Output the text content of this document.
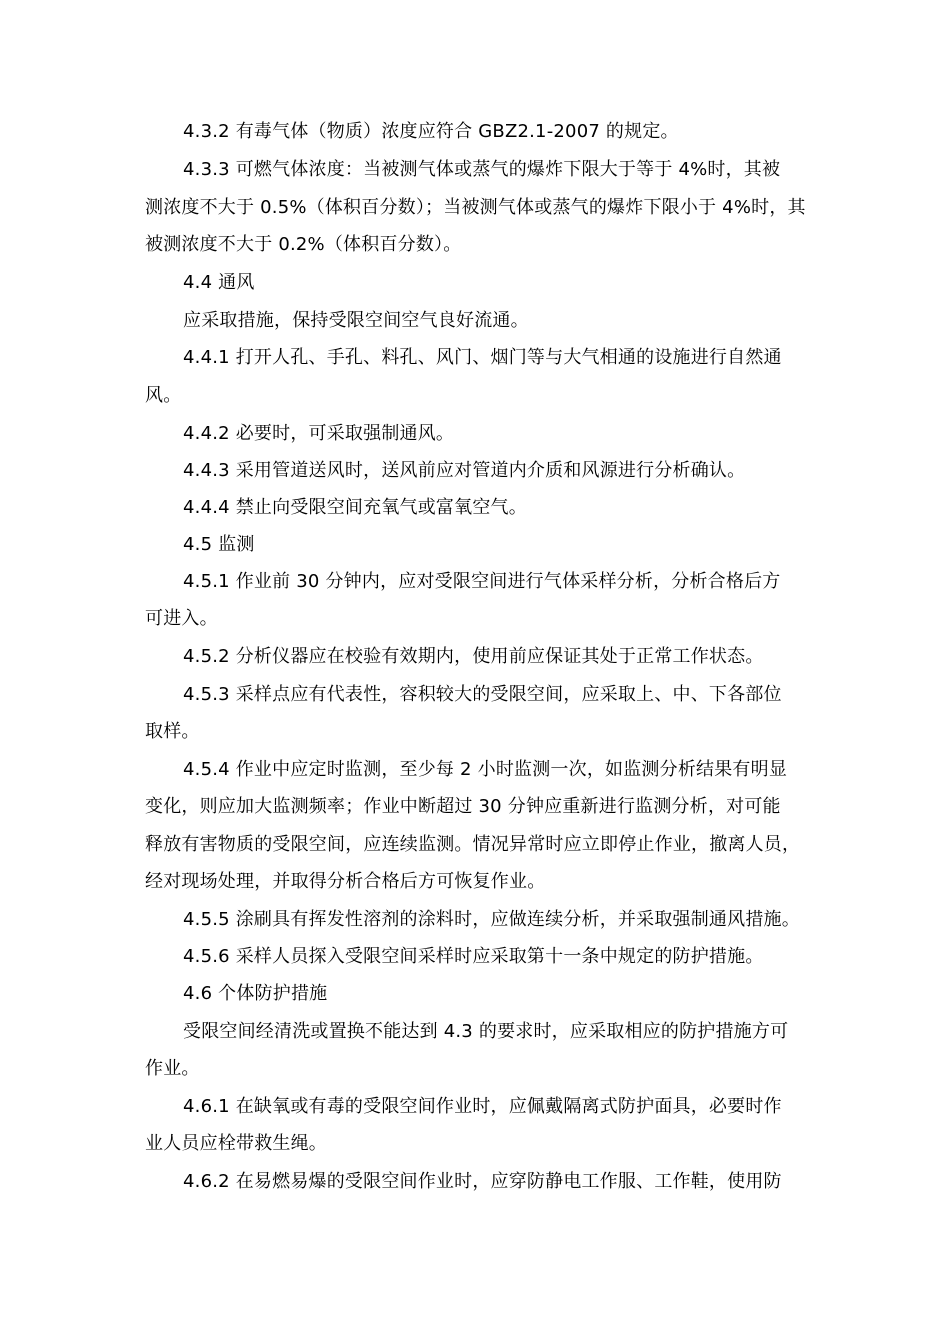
4.3.2 有毒气体（物质）浓度应符合 GBZ2.1-2007 的规定。
4.3.3 可燃气体浓度：当被测气体或蒸气的爆炸下限大于等于 4%时，其被
测浓度不大于 0.5%（体积百分数）；当被测气体或蒸气的爆炸下限小于 4%时，其
被测浓度不大于 0.2%（体积百分数）。
4.4 通风
应采取措施，保持受限空间空气良好流通。
4.4.1 打开人孔、手孔、料孔、风门、烟门等与大气相通的设施进行自然通
风。
4.4.2 必要时，可采取强制通风。
4.4.3 采用管道送风时，送风前应对管道内介质和风源进行分析确认。
4.4.4 禁止向受限空间充氧气或富氧空气。
4.5 监测
4.5.1 作业前 30 分钟内，应对受限空间进行气体采样分析，分析合格后方
可进入。
4.5.2 分析仪器应在校验有效期内，使用前应保证其处于正常工作状态。
4.5.3 采样点应有代表性，容积较大的受限空间，应采取上、中、下各部位
取样。
4.5.4 作业中应定时监测，至少每 2 小时监测一次，如监测分析结果有明显
变化，则应加大监测频率；作业中断超过 30 分钟应重新进行监测分析，对可能
释放有害物质的受限空间，应连续监测。情况异常时应立即停止作业，撤离人员，
经对现场处理，并取得分析合格后方可恢复作业。
4.5.5 涂刷具有挥发性溶剂的涂料时，应做连续分析，并采取强制通风措施。
4.5.6 采样人员探入受限空间采样时应采取第十一条中规定的防护措施。
4.6 个体防护措施
受限空间经清洗或置换不能达到 4.3 的要求时，应采取相应的防护措施方可
作业。
4.6.1 在缺氧或有毒的受限空间作业时，应佩戴隔离式防护面具，必要时作
业人员应栓带救生绳。
4.6.2 在易燃易爆的受限空间作业时，应穿防静电工作服、工作鞋，使用防
